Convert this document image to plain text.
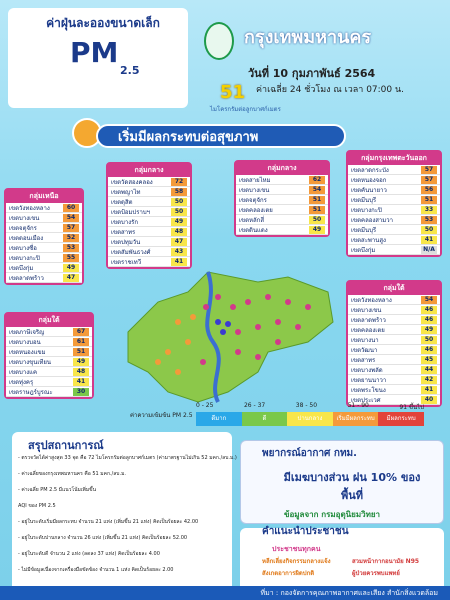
ค่าฝุ่นละอองขนาดเล็ก
PM
2.5
กรุงเทพมหานคร
วันที่ 10 กุมภาพันธ์ 2564
ค่าเฉลี่ย 24 ชั่วโมง ณ เวลา 07:00 น.
ค่าเฉลี่ย 51
ไมโครกรัมต่อลูกบาศก์เมตร
เริ่มมีผลกระทบต่อสุขภาพ
กลุ่มเหนือ
เขตวังทองหลาง	60
เขตบางเขน	54
เขตจตุจักร	57
เขตดอนเมือง	52
เขตบางซื่อ	53
เขตบางกะปิ	55
เขตบึงกุ่ม	49
เขตลาดพร้าว	47
กลุ่มกลาง
เขตวัดสองคลอง	72
เขตพญาไท	58
เขตดุสิต	50
เขตป้อมปราบฯ	50
เขตบางรัก	49
เขตสาทร	48
เขตปทุมวัน	47
เขตสัมพันธวงศ์	43
เขตราชเทวี	41
กลุ่มกลาง
เขตสายไหม	62
เขตบางเขน	54
เขตจตุจักร	51
เขตคลองเตย	51
เขตหลักสี่	50
เขตดินแดง	49
กลุ่มกรุงเทพตะวันออก
เขตลาดกระบัง	57
เขตหนองจอก	57
เขตคันนายาว	56
เขตมีนบุรี	51
เขตบางกะปิ	33
เขตคลองสามวา	53
เขตมีนบุรี	50
เขตสะพานสูง	41
เขตบึงกุ่ม	N/A
กลุ่มใต้
เขตภาษีเจริญ	67
เขตบางบอน	61
เขตหนองแขม	51
เขตบางขุนเทียน	49
เขตบางแค	48
เขตทุ่งครุ	41
เขตราษฎร์บูรณะ	30
กลุ่มใต้
เขตวังทองหลาง	54
เขตบางเขน	46
เขตลาดพร้าว	46
เขตคลองเตย	49
เขตบางนา	50
เขตวัฒนา	46
เขตสาทร	45
เขตบางพลัด	44
เขตยานนาวา	42
เขตพระโขนง	41
เขตประเวศ	40
0 - 25	26 - 37	38 - 50	51 - 90	91 ขึ้นไป
ดีมาก	ดี	ปานกลาง	เริ่มมีผลกระทบ	มีผลกระทบ
ค่าความเข้มข้น PM 2.5
สรุปสถานการณ์
- ตรวจวัดได้ค่าสูงสุด 33 จุด คือ 72 ไมโครกรัมต่อลูกบาศก์เมตร (ค่ามาตรฐานไม่เกิน 52 มคก./ลบ.ม.)
- ค่าเฉลี่ยของกรุงเทพมหานคร คือ 51 มคก./ลบ.ม.
- ค่าเฉลี่ย PM 2.5 มีแนวโน้มเพิ่มขึ้น
AQI ของ PM 2.5
- อยู่ในระดับเริ่มมีผลกระทบ จำนวน 21 แห่ง (เพิ่มขึ้น 21 แห่ง) คิดเป็นร้อยละ 42.00
- อยู่ในระดับปานกลาง จำนวน 26 แห่ง (เพิ่มขึ้น 21 แห่ง) คิดเป็นร้อยละ 52.00
- อยู่ในระดับดี จำนวน 2 แห่ง (ลดลง 37 แห่ง) คิดเป็นร้อยละ 4.00
- ไม่มีข้อมูลเนื่องจากเครื่องมือขัดข้อง จำนวน 1 แห่ง คิดเป็นร้อยละ 2.00
พยากรณ์อากาศ กทม.
มีเมฆบางส่วน ฝน 10% ของพื้นที่
ข้อมูลจาก กรมอุตุนิยมวิทยา
คำแนะนำประชาชน
ประชาชนทุกคน
หลีกเลี่ยงกิจกรรมกลางแจ้ง	สวมหน้ากากอนามัย N95
สังเกตอาการผิดปกติ	ผู้ป่วยควรพบแพทย์
ที่มา : กองจัดการคุณภาพอากาศและเสียง สำนักสิ่งแวดล้อม
